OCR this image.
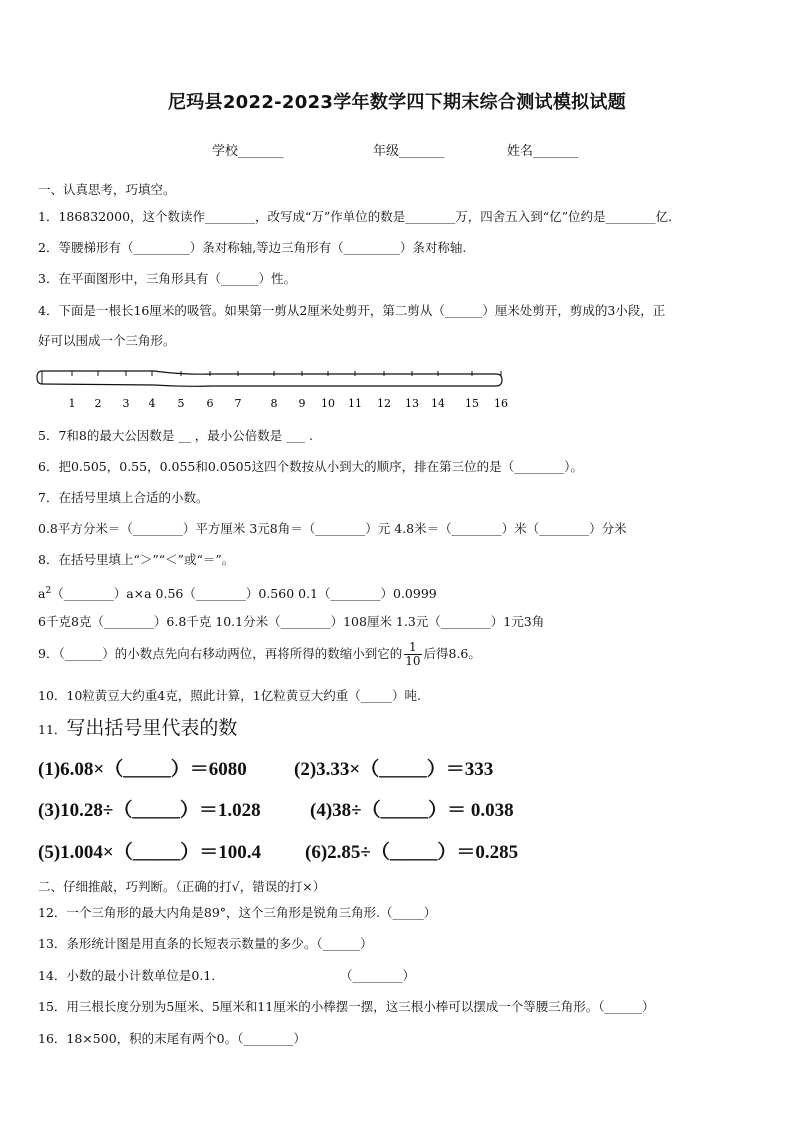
尼玛县2022-2023学年数学四下期末综合测试模拟试题
学校_______	年级_______	姓名_______
一、认真思考，巧填空。
1．186832000，这个数读作________，改写成“万”作单位的数是________万，四舍五入到“亿”位约是________亿．
2．等腰梯形有（_________）条对称轴,等边三角形有（_________）条对称轴.
3．在平面图形中，三角形具有（______）性。
4．下面是一根长16厘米的吸管。如果第一剪从2厘米处剪开，第二剪从（______）厘米处剪开，剪成的3小段，正
好可以围成一个三角形。
1 2 3 4 5 6 7	8 9 10 11 12 13 14 15 16
5．7和8的最大公因数是 __ ，最小公倍数是 ___ .
6．把0.505，0.55，0.055和0.0505这四个数按从小到大的顺序，排在第三位的是（________）。
7．在括号里填上合适的小数。
0.8平方分米＝（________）平方厘米 3元8角＝（________）元 4.8米＝（________）米（________）分米
8．在括号里填上“＞”“＜”或“＝”。
$a^2(\_\_\_\_\_\_\_\_)a\times a$ 0.56（________）0.560 0.1（________）0.0999
6千克8克（________）6.8千克 10.1分米（________）108厘米 1.3元（________）1元3角
9．（______）的小数点先向右移动两位，再将所得的数缩小到它的 $\frac{1}{10}$ 后得8.6。
10．10粒黄豆大约重4克，照此计算，1亿粒黄豆大约重（_____）吨.
11．写出括号里代表的数
(1)6.08×（_____）＝6080 (2)3.33×（_____）＝333
(3)10.28÷（_____）＝1.028	(4)38÷（_____）＝ 0.038
(5)1.004×（_____）＝100.4 (6)2.85÷（_____）＝0.285
二、仔细推敲，巧判断。（正确的打√，错误的打×）
12．一个三角形的最大内角是89°，这个三角形是锐角三角形.（_____）
13．条形统计图是用直条的长短表示数量的多少。（______）
14．小数的最小计数单位是0.1.	（________）
15．用三根长度分别为5厘米、5厘米和11厘米的小棒摆一摆，这三根小棒可以摆成一个等腰三角形。（______）
16．18×500，积的末尾有两个0。（________）
